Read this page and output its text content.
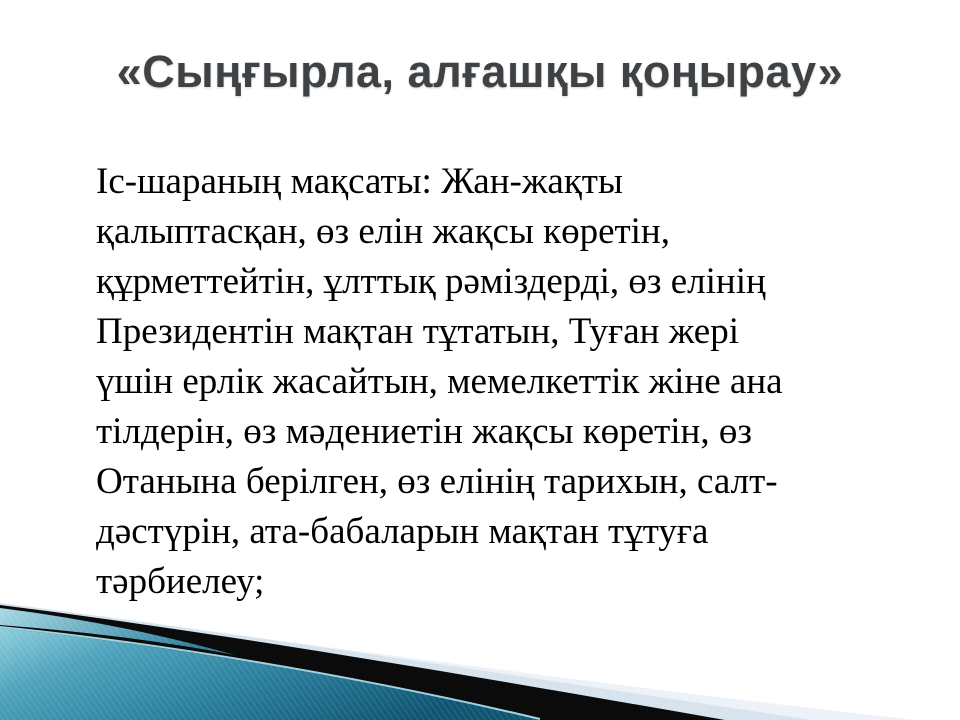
«Сыңғырла, алғашқы қоңырау»
Іс-шараның мақсаты: Жан-жақты
қалыптасқан, өз елін жақсы көретін,
құрметтейтін, ұлттық рәміздерді, өз елінің
Президентін мақтан тұтатын, Туған жері
үшін ерлік жасайтын, мемелкеттік жіне ана
тілдерін, өз мәдениетін жақсы көретін, өз
Отанына берілген, өз елінің тарихын, салт-
дәстүрін, ата-бабаларын мақтан тұтуға
тәрбиелеу;
